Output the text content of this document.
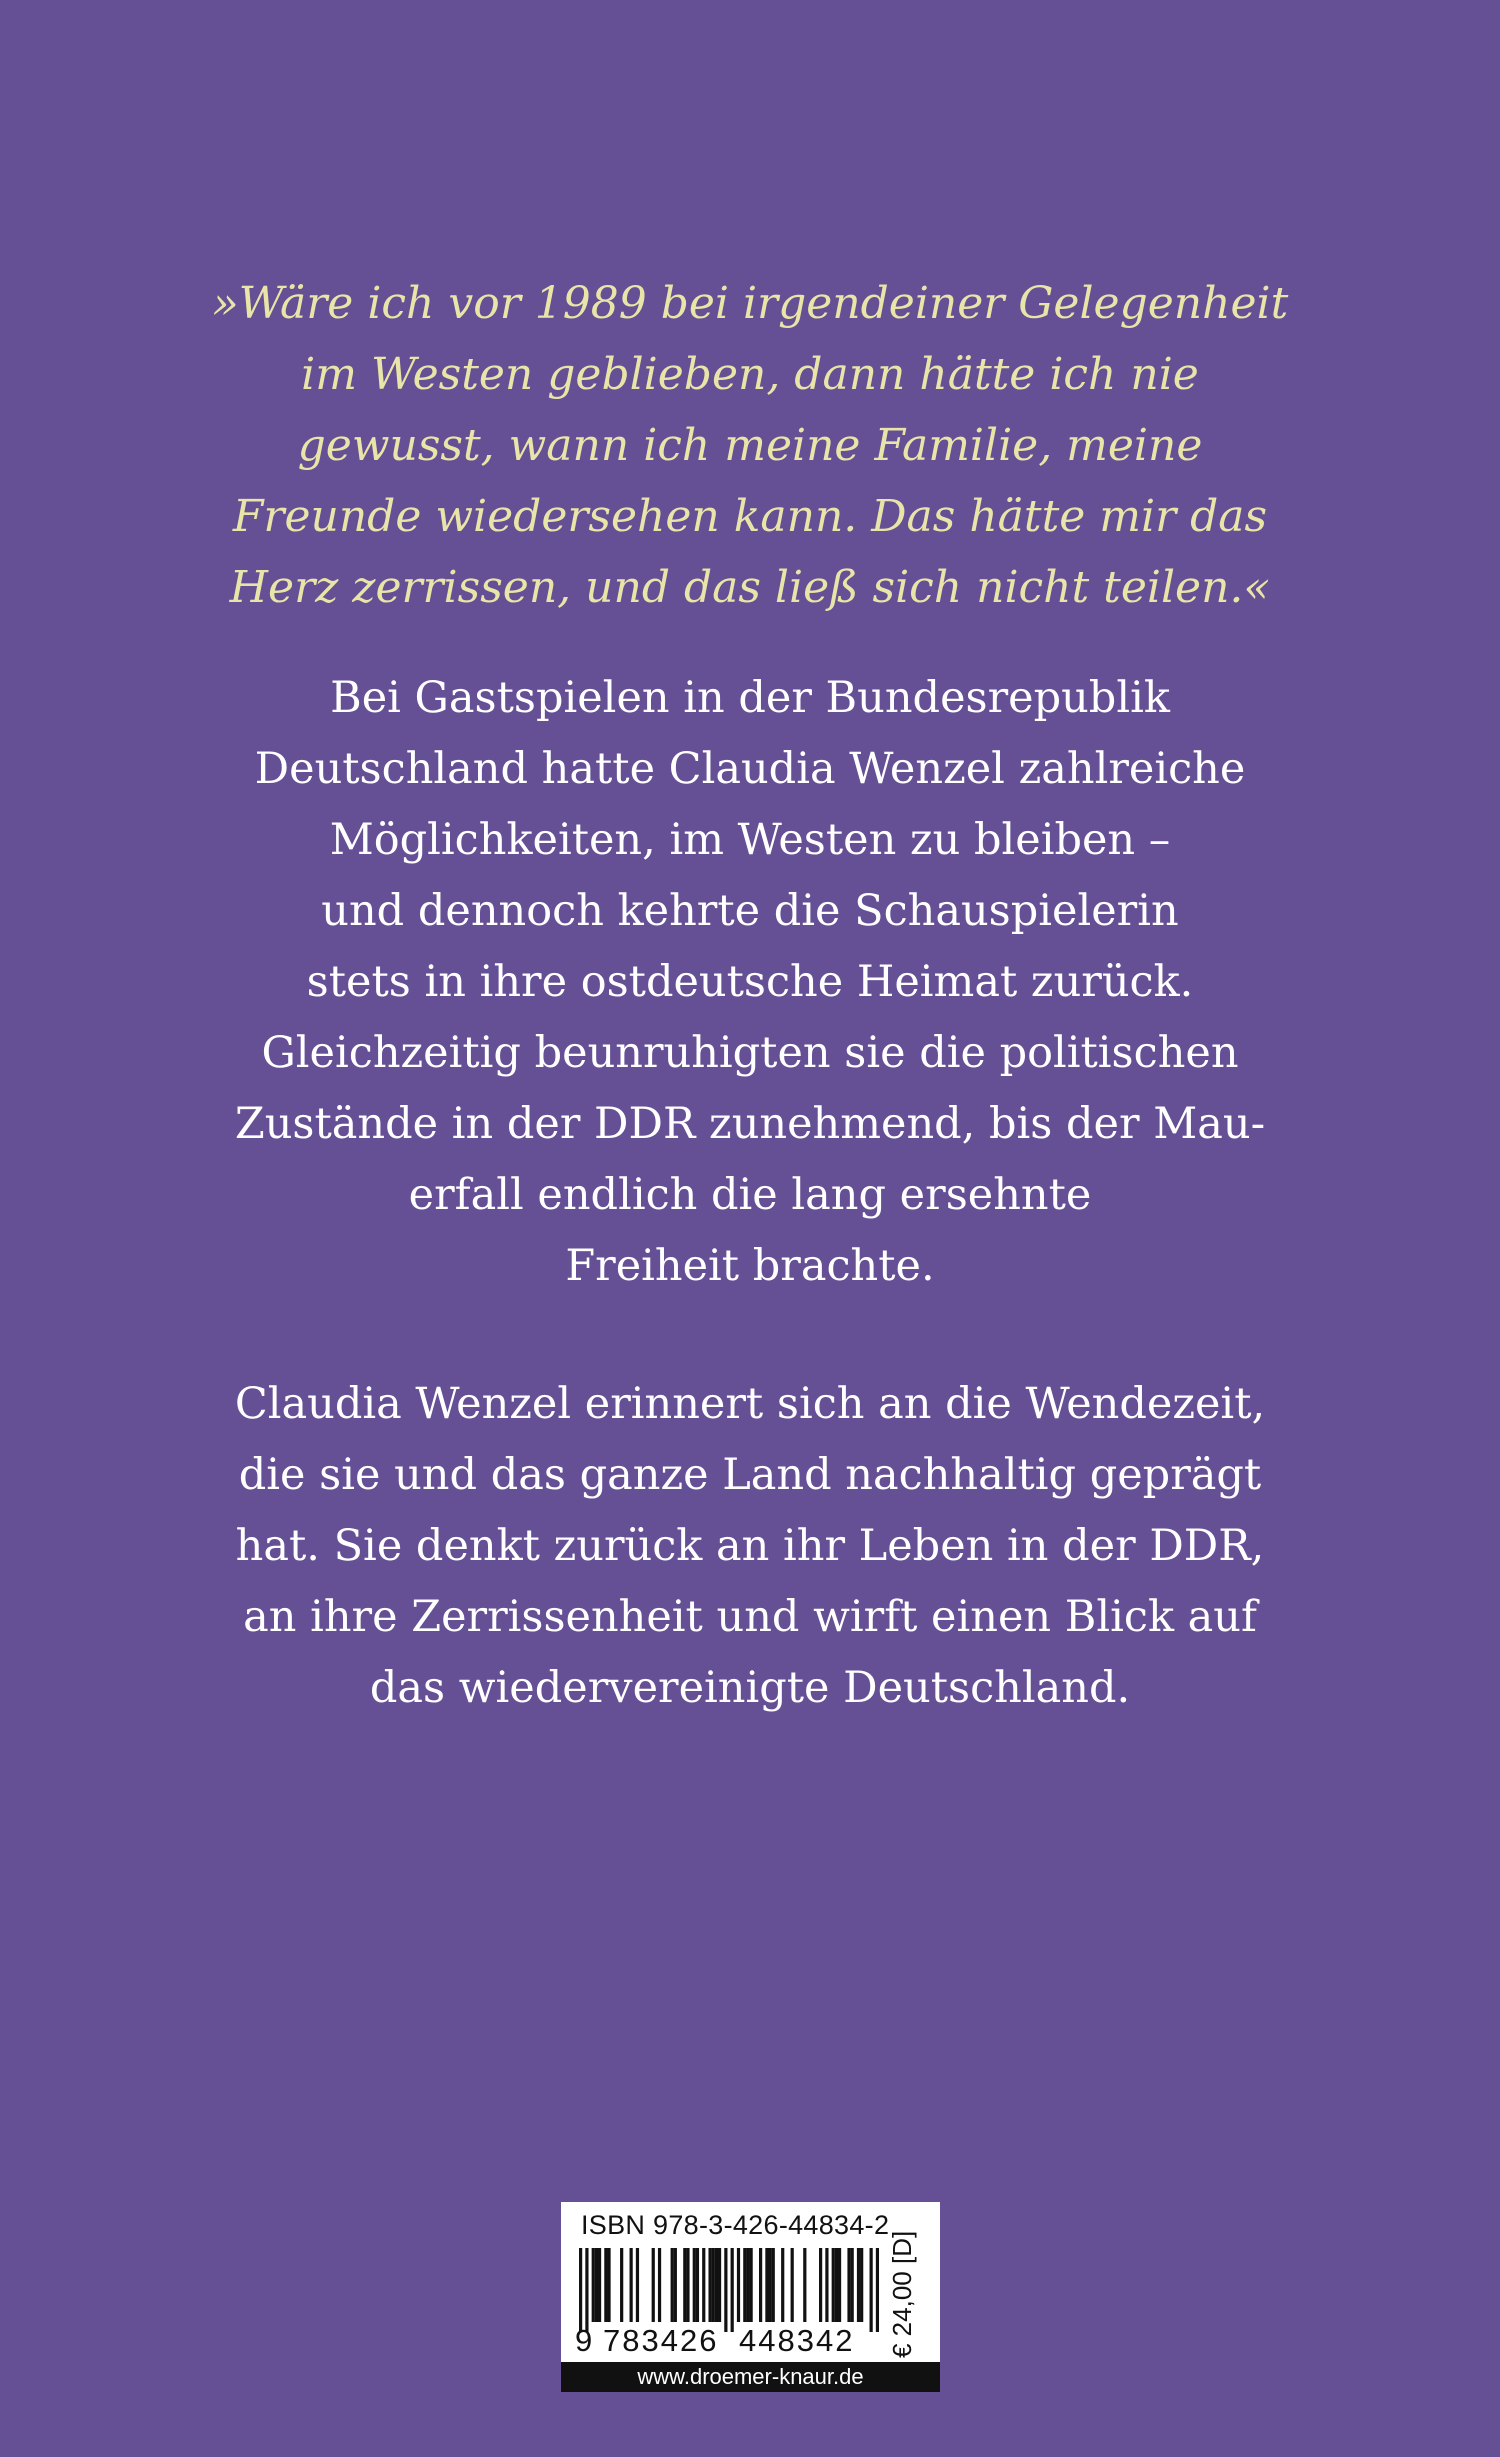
»Wäre ich vor 1989 bei irgendeiner Gelegenheit
im Westen geblieben, dann hätte ich nie
gewusst, wann ich meine Familie, meine
Freunde wiedersehen kann. Das hätte mir das
Herz zerrissen, und das ließ sich nicht teilen.«
Bei Gastspielen in der Bundesrepublik
Deutschland hatte Claudia Wenzel zahlreiche
Möglichkeiten, im Westen zu bleiben –
und dennoch kehrte die Schauspielerin
stets in ihre ostdeutsche Heimat zurück.
Gleichzeitig beunruhigten sie die politischen
Zustände in der DDR zunehmend, bis der Mau-
erfall endlich die lang ersehnte
Freiheit brachte.
Claudia Wenzel erinnert sich an die Wendezeit,
die sie und das ganze Land nachhaltig geprägt
hat. Sie denkt zurück an ihr Leben in der DDR,
an ihre Zerrissenheit und wirft einen Blick auf
das wiedervereinigte Deutschland.
ISBN 978-3-426-44834-2
9 783426 448342 € 24,00 [D]
www.droemer-knaur.de
